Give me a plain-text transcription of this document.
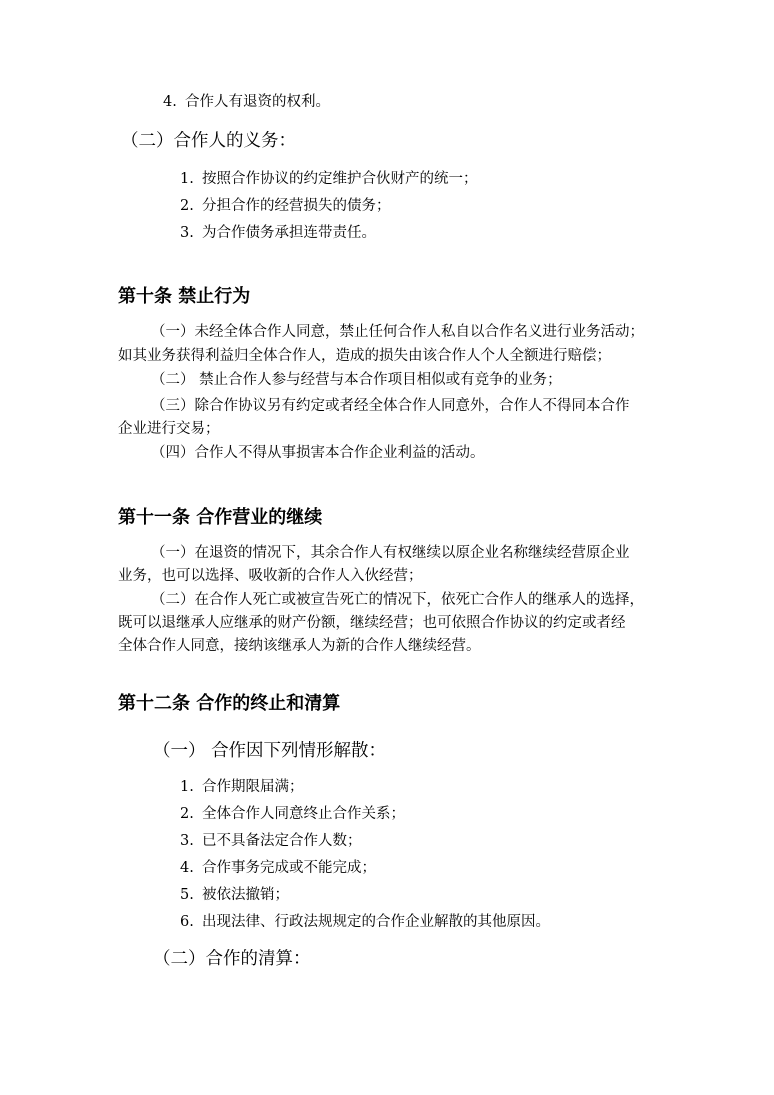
4. 合作人有退资的权利。
（二）合作人的义务：
1. 按照合作协议的约定维护合伙财产的统一；
2. 分担合作的经营损失的债务；
3. 为合作债务承担连带责任。
第十条 禁止行为
（一）未经全体合作人同意，禁止任何合作人私自以合作名义进行业务活动；
如其业务获得利益归全体合作人，造成的损失由该合作人个人全额进行赔偿；
（二） 禁止合作人参与经营与本合作项目相似或有竞争的业务；
（三）除合作协议另有约定或者经全体合作人同意外，合作人不得同本合作
企业进行交易；
（四）合作人不得从事损害本合作企业利益的活动。
第十一条 合作营业的继续
（一）在退资的情况下，其余合作人有权继续以原企业名称继续经营原企业
业务，也可以选择、吸收新的合作人入伙经营；
（二）在合作人死亡或被宣告死亡的情况下，依死亡合作人的继承人的选择，
既可以退继承人应继承的财产份额，继续经营；也可依照合作协议的约定或者经
全体合作人同意，接纳该继承人为新的合作人继续经营。
第十二条 合作的终止和清算
（一） 合作因下列情形解散：
1. 合作期限届满；
2. 全体合作人同意终止合作关系；
3. 已不具备法定合作人数；
4. 合作事务完成或不能完成；
5. 被依法撤销；
6. 出现法律、行政法规规定的合作企业解散的其他原因。
（二）合作的清算：
